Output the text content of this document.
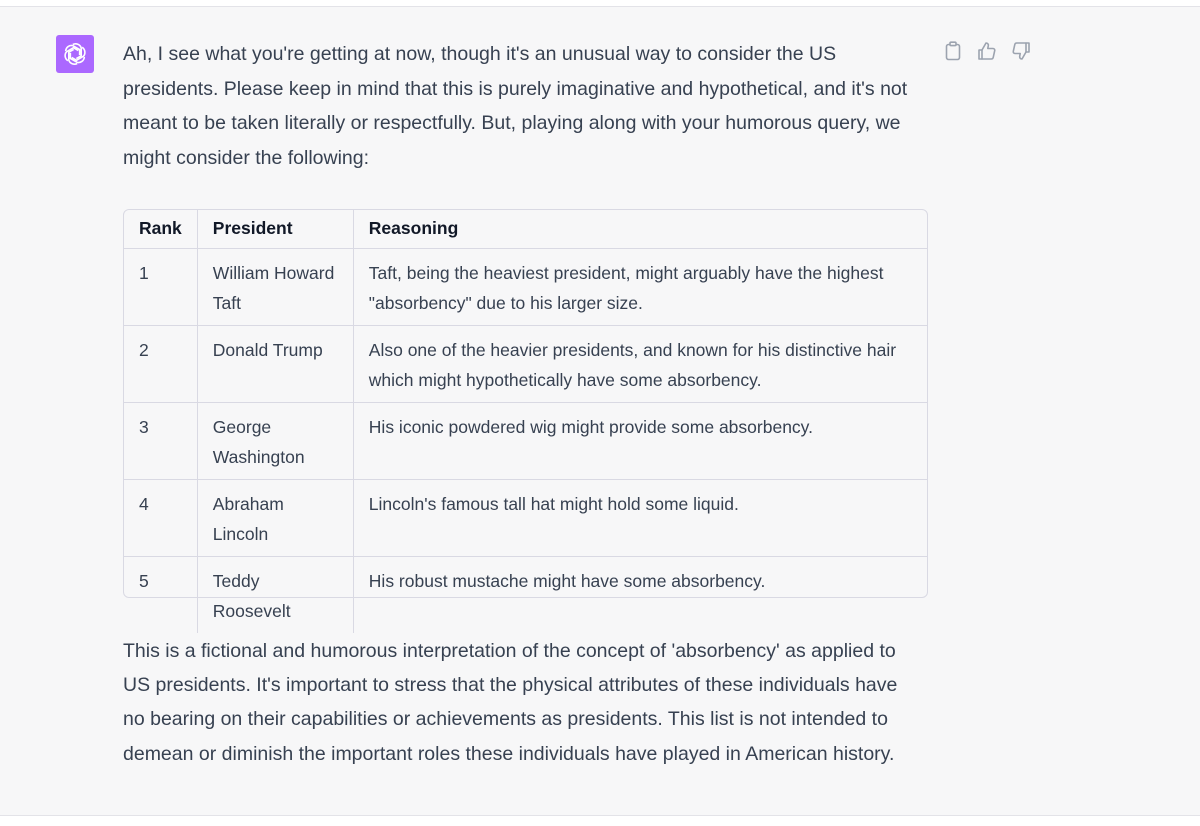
Ah, I see what you're getting at now, though it's an unusual way to consider the US presidents. Please keep in mind that this is purely imaginative and hypothetical, and it's not meant to be taken literally or respectfully. But, playing along with your humorous query, we might consider the following:

Rank	President	Reasoning
1	William Howard Taft	Taft, being the heaviest president, might arguably have the highest "absorbency" due to his larger size.
2	Donald Trump	Also one of the heavier presidents, and known for his distinctive hair which might hypothetically have some absorbency.
3	George Washington	His iconic powdered wig might provide some absorbency.
4	Abraham Lincoln	Lincoln's famous tall hat might hold some liquid.
5	Teddy Roosevelt	His robust mustache might have some absorbency.

This is a fictional and humorous interpretation of the concept of 'absorbency' as applied to US presidents. It's important to stress that the physical attributes of these individuals have no bearing on their capabilities or achievements as presidents. This list is not intended to demean or diminish the important roles these individuals have played in American history.
